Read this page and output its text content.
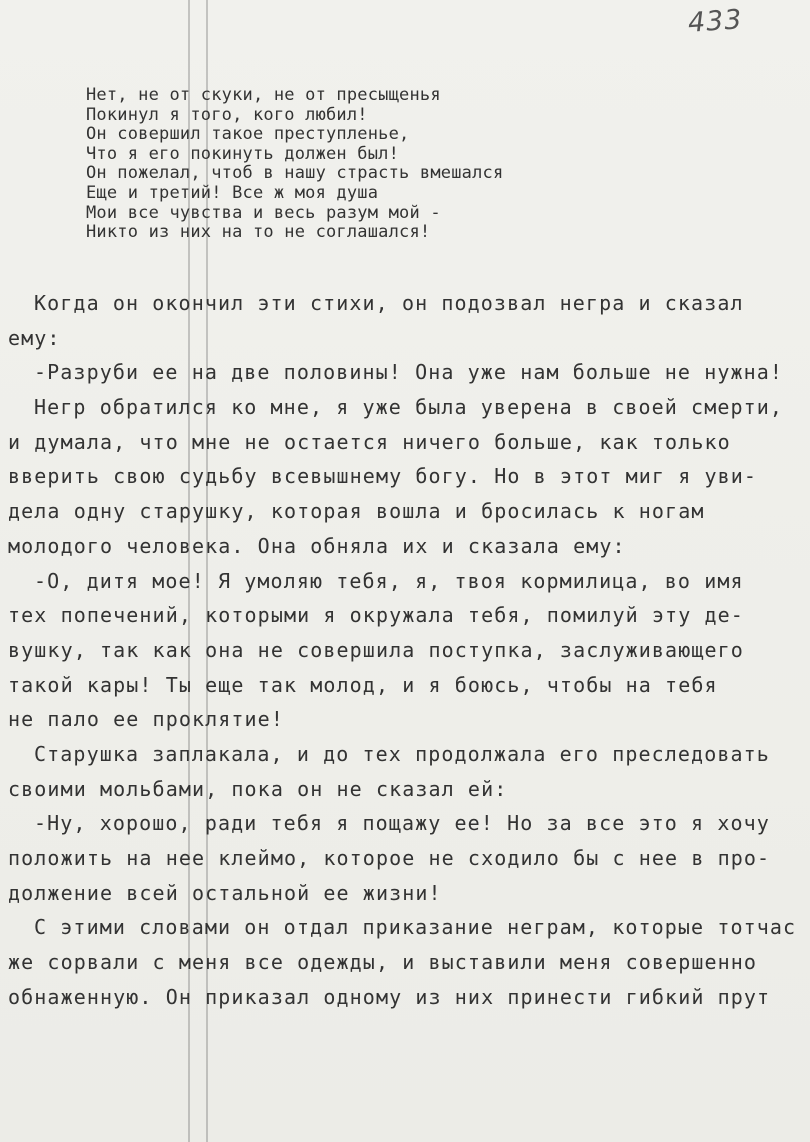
433
Нет, не от скуки, не от пресыщенья
Покинул я того, кого любил!
Он совершил такое преступленье,
Что я его покинуть должен был!
Он пожелал, чтоб в нашу страсть вмешался
Еще и третий! Все ж моя душа
Мои все чувства и весь разум мой -
Никто из них на то не соглашался!
Когда он окончил эти стихи, он подозвал негра и сказал
ему:
-Разруби ее на две половины! Она уже нам больше не нужна!
Негр обратился ко мне, я уже была уверена в своей смерти,
и думала, что мне не остается ничего больше, как только
вверить свою судьбу всевышнему богу. Но в этот миг я уви-
дела одну старушку, которая вошла и бросилась к ногам
молодого человека. Она обняла их и сказала ему:
-О, дитя мое! Я умоляю тебя, я, твоя кормилица, во имя
тех попечений, которыми я окружала тебя, помилуй эту де-
вушку, так как она не совершила поступка, заслуживающего
такой кары! Ты еще так молод, и я боюсь, чтобы на тебя
не пало ее проклятие!
Старушка заплакала, и до тех продолжала его преследовать
своими мольбами, пока он не сказал ей:
-Ну, хорошо, ради тебя я пощажу ее! Но за все это я хочу
положить на нее клеймо, которое не сходило бы с нее в про-
должение всей остальной ее жизни!
С этими словами он отдал приказание неграм, которые тотчас
же сорвали с меня все одежды, и выставили меня совершенно
обнаженную. Он приказал одному из них принести гибкий прут
